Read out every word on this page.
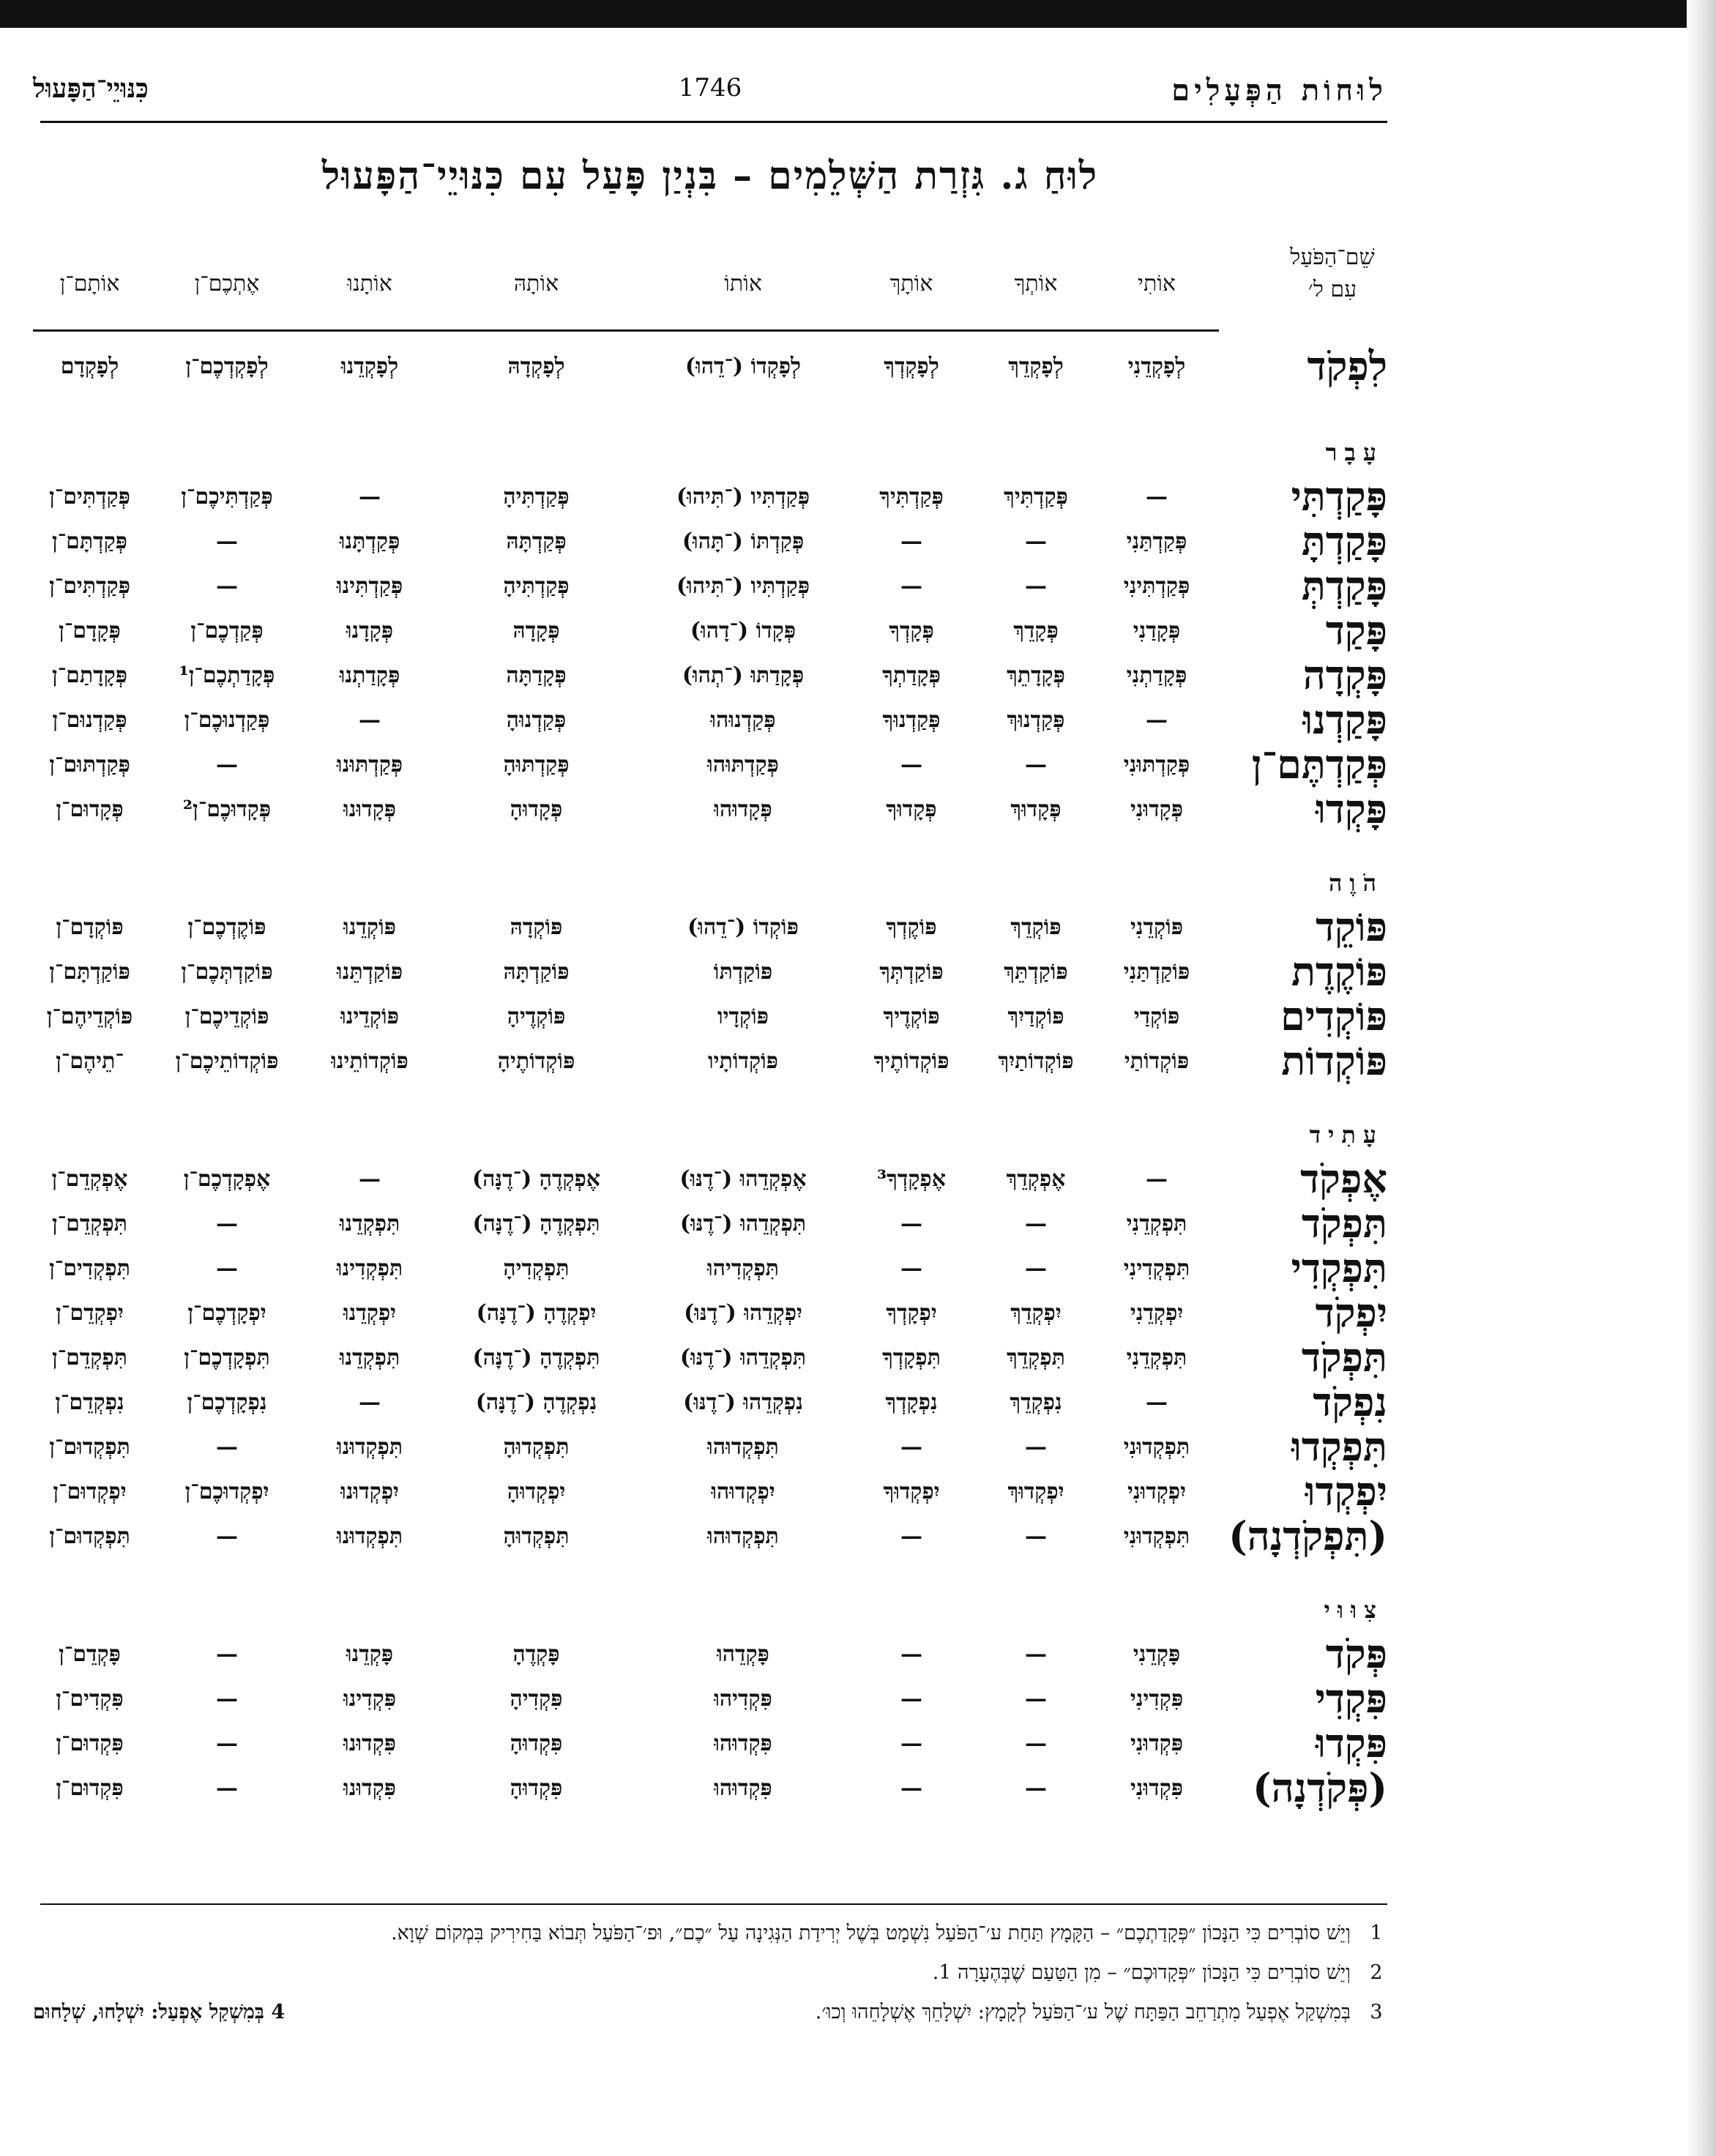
לוּחוֹת הַפְּעָלִים
1746
כִּנּוּיֵי־הַפָּעוּל
לוּחַ ג. גִּזְרַת הַשְּׁלֵמִים – בִּנְיַן פָּעַל עִם כִּנּוּיֵי־הַפָּעוּל
שֵׁם־הַפֹּעַל עִם ל׳
אוֹתִי
אוֹתְךָ
אוֹתָךְ
אוֹתוֹ
אוֹתָהּ
אוֹתָנוּ
אֶתְכֶם־ן
אוֹתָם־ן
לִפְקֹד
לְפָקְדֵנִי
לְפָקְדֵךְ
לְפָקְדְךָ
לְפָקְדוֹ (־דֵהוּ)
לְפָקְדָהּ
לְפָקְדֵנוּ
לְפָקְדְכֶם־ן
לְפָקְדָם
עָבָר
פָּקַדְתִּי
—
פְּקַדְתִּיךְ
פְּקַדְתִּיךָ
פְּקַדְתִּיו (־תִּיהוּ)
פְּקַדְתִּיהָ
—
פְּקַדְתִּיכֶם־ן
פְּקַדְתִּים־ן
פָּקַדְתָּ
פְּקַדְתַּנִי
—
—
פְּקַדְתּוֹ (־תָּהוּ)
פְּקַדְתָּהּ
פְּקַדְתָּנוּ
—
פְּקַדְתָּם־ן
פָּקַדְתְּ
פְּקַדְתִּינִי
—
—
פְּקַדְתִּיו (־תִּיהוּ)
פְּקַדְתִּיהָ
פְּקַדְתִּינוּ
—
פְּקַדְתִּים־ן
פָּקַד
פְּקָדַנִי
פְּקָדֵךְ
פְּקָדְךָ
פְּקָדוֹ (־דָהוּ)
פְּקָדָהּ
פְּקָדָנוּ
פְּקַדְכֶם־ן
פְּקָדָם־ן
פָּקְדָה
פְּקָדַתְנִי
פְּקָדָתֵךְ
פְּקָדַתְךָ
פְּקָדַתּוּ (־תְהוּ)
פְּקָדַתָּה
פְּקָדַתְנוּ
פְּקָדַתְכֶם־ן¹
פְּקָדָתַם־ן
פָּקַדְנוּ
—
פְּקַדְנוּךְ
פְּקַדְנוּךָ
פְּקַדְנוּהוּ
פְּקַדְנוּהָ
—
פְּקַדְנוּכֶם־ן
פְּקַדְנוּם־ן
פְּקַדְתֶּם־ן
פְּקַדְתּוּנִי
—
—
פְּקַדְתּוּהוּ
פְּקַדְתּוּהָ
פְּקַדְתּוּנוּ
—
פְּקַדְתּוּם־ן
פָּקְדוּ
פְּקָדוּנִי
פְּקָדוּךְ
פְּקָדוּךָ
פְּקָדוּהוּ
פְּקָדוּהָ
פְּקָדוּנוּ
פְּקָדוּכֶם־ן²
פְּקָדוּם־ן
הֹוֶה
פּוֹקֵד
פּוֹקְדֵנִי
פּוֹקְדֵךְ
פּוֹקֶדְךָ
פּוֹקְדוֹ (־דֵהוּ)
פּוֹקְדָהּ
פּוֹקְדֵנוּ
פּוֹקֶדְכֶם־ן
פּוֹקְדָם־ן
פּוֹקֶדֶת
פּוֹקַדְתַּנִי
פּוֹקַדְתֵּךְ
פּוֹקַדְתְּךָ
פּוֹקַדְתּוֹ
פּוֹקַדְתָּהּ
פּוֹקַדְתֵּנוּ
פּוֹקַדְתְּכֶם־ן
פּוֹקַדְתָּם־ן
פּוֹקְדִים
פּוֹקְדַי
פּוֹקְדַיִךְ
פּוֹקְדֶיךָ
פּוֹקְדָיו
פּוֹקְדֶיהָ
פּוֹקְדֵינוּ
פּוֹקְדֵיכֶם־ן
פּוֹקְדֵיהֶם־ן
פּוֹקְדוֹת
פּוֹקְדוֹתַי
פּוֹקְדוֹתַיִךְ
פּוֹקְדוֹתֶיךָ
פּוֹקְדוֹתָיו
פּוֹקְדוֹתֶיהָ
פּוֹקְדוֹתֵינוּ
פּוֹקְדוֹתֵיכֶם־ן
־תֵיהֶם־ן
עָתִיד
אֶפְקֹד
—
אֶפְקְדֵךְ
אֶפְקָדְךָ³
אֶפְקְדֵהוּ (־דֶנּוּ)
אֶפְקְדֶהָ (־דֶנָּה)
—
אֶפְקָדְכֶם־ן
אֶפְקְדֵם־ן
תִּפְקֹד
תִּפְקְדֵנִי
—
—
תִּפְקְדֵהוּ (־דֶנּוּ)
תִּפְקְדֶהָ (־דֶנָּה)
תִּפְקְדֵנוּ
—
תִּפְקְדֵם־ן
תִּפְקְדִי
תִּפְקְדִינִי
—
—
תִּפְקְדִיהוּ
תִּפְקְדִיהָ
תִּפְקְדִינוּ
—
תִּפְקְדִים־ן
יִפְקֹד
יִפְקְדֵנִי
יִפְקְדֵךְ
יִפְקָדְךָ
יִפְקְדֵהוּ (־דֶנּוּ)
יִפְקְדֶהָ (־דֶנָּה)
יִפְקְדֵנוּ
יִפְקָדְכֶם־ן
יִפְקְדֵם־ן
תִּפְקֹד
תִּפְקְדֵנִי
תִּפְקְדֵךְ
תִּפְקָדְךָ
תִּפְקְדֵהוּ (־דֶנּוּ)
תִּפְקְדֶהָ (־דֶנָּה)
תִּפְקְדֵנוּ
תִּפְקָדְכֶם־ן
תִּפְקְדֵם־ן
נִפְקֹד
—
נִפְקְדֵךְ
נִפְקָדְךָ
נִפְקְדֵהוּ (־דֶנּוּ)
נִפְקְדֶהָ (־דֶנָּה)
—
נִפְקָדְכֶם־ן
נִפְקְדֵם־ן
תִּפְקְדוּ
תִּפְקְדוּנִי
—
—
תִּפְקְדוּהוּ
תִּפְקְדוּהָ
תִּפְקְדוּנוּ
—
תִּפְקְדוּם־ן
יִפְקְדוּ
יִפְקְדוּנִי
יִפְקְדוּךְ
יִפְקְדוּךָ
יִפְקְדוּהוּ
יִפְקְדוּהָ
יִפְקְדוּנוּ
יִפְקְדוּכֶם־ן
יִפְקְדוּם־ן
(תִּפְקֹדְנָה)
תִּפְקְדוּנִי
—
—
תִּפְקְדוּהוּ
תִּפְקְדוּהָ
תִּפְקְדוּנוּ
—
תִּפְקְדוּם־ן
צִוּוּי
פְּקֹד
פָּקְדֵנִי
—
—
פָּקְדֵהוּ
פָּקְדֶהָ
פָּקְדֵנוּ
—
פָּקְדֵם־ן
פִּקְדִי
פִּקְדִינִי
—
—
פִּקְדִיהוּ
פִּקְדִיהָ
פִּקְדִינוּ
—
פִּקְדִים־ן
פִּקְדוּ
פִּקְדוּנִי
—
—
פִּקְדוּהוּ
פִּקְדוּהָ
פִּקְדוּנוּ
—
פִּקְדוּם־ן
(פְּקֹדְנָה)
פִּקְדוּנִי
—
—
פִּקְדוּהוּ
פִּקְדוּהָ
פִּקְדוּנוּ
—
פִּקְדוּם־ן
1
וְיֵשׁ סוֹבְרִים כִּי הַנָּכוֹן ״פְּקָדַתְכֶם״ – הַקָּמָץ תַּחַת ע׳־הַפֹּעַל נִשְׁמָט בְּשֶׁל יְרִידַת הַנְּגִינָה עַל ״כֶם״, וּפ׳־הַפֹּעַל תְּבוֹא בַּחִירִיק בִּמְקוֹם שְׁוָא.
2
וְיֵשׁ סוֹבְרִים כִּי הַנָּכוֹן ״פְּקָדוּכֶם״ – מִן הַטַּעַם שֶׁבְּהֶעָרָה 1.
3
בְּמִשְׁקַל אֶפְעַל מִתְרַחֵב הַפַּתָּח שֶׁל ע׳־הַפֹּעַל לְקָמָץ: יִשְׁלָחֵךְ אֶשְׁלָחֵהוּ וְכוּ׳.
4 בְּמִשְׁקַל אֶפְעַל: יִשְׁלָחוּ, שְׁלָחוּם
